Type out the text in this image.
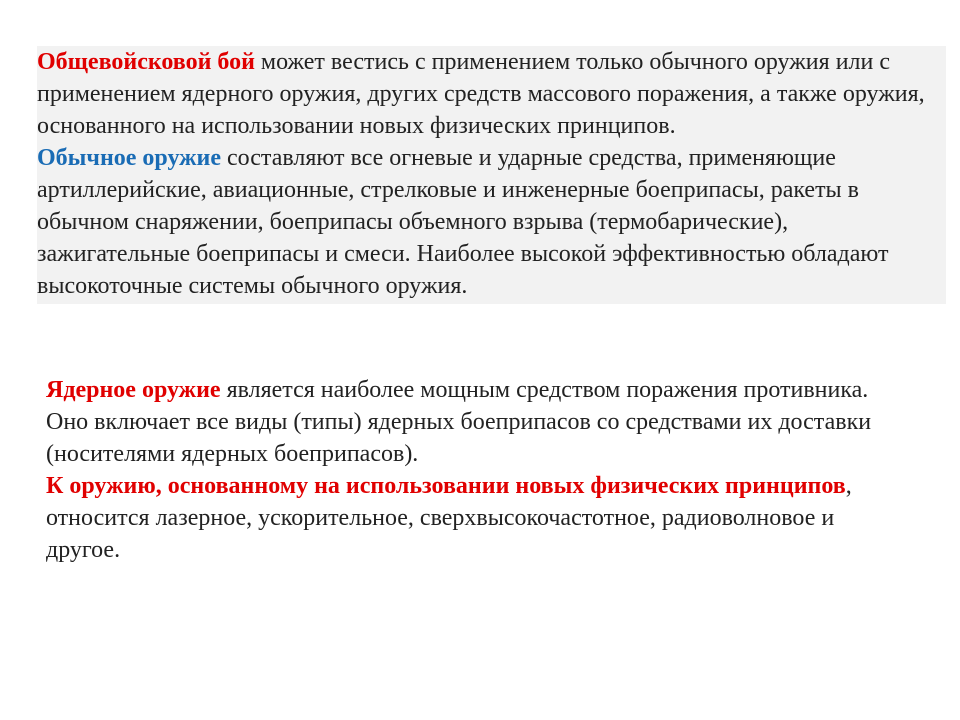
Общевойсковой бой может вестись с применением только обычного оружия или с применением ядерного оружия, других средств массового поражения, а также оружия, основанного на использовании новых физических принципов.
Обычное оружие составляют все огневые и ударные средства, применяющие артиллерийские, авиационные, стрелковые и инженерные боеприпасы, ракеты в обычном снаряжении, боеприпасы объемного взрыва (термобарические), зажигательные боеприпасы и смеси. Наиболее высокой эффективностью обладают высокоточные системы обычного оружия.
Ядерное оружие является наиболее мощным средством поражения противника. Оно включает все виды (типы) ядерных боеприпасов со средствами их доставки (носителями ядерных боеприпасов).
К оружию, основанному на использовании новых физических принципов, относится лазерное, ускорительное, сверхвысокочастотное, радиоволновое и другое.
